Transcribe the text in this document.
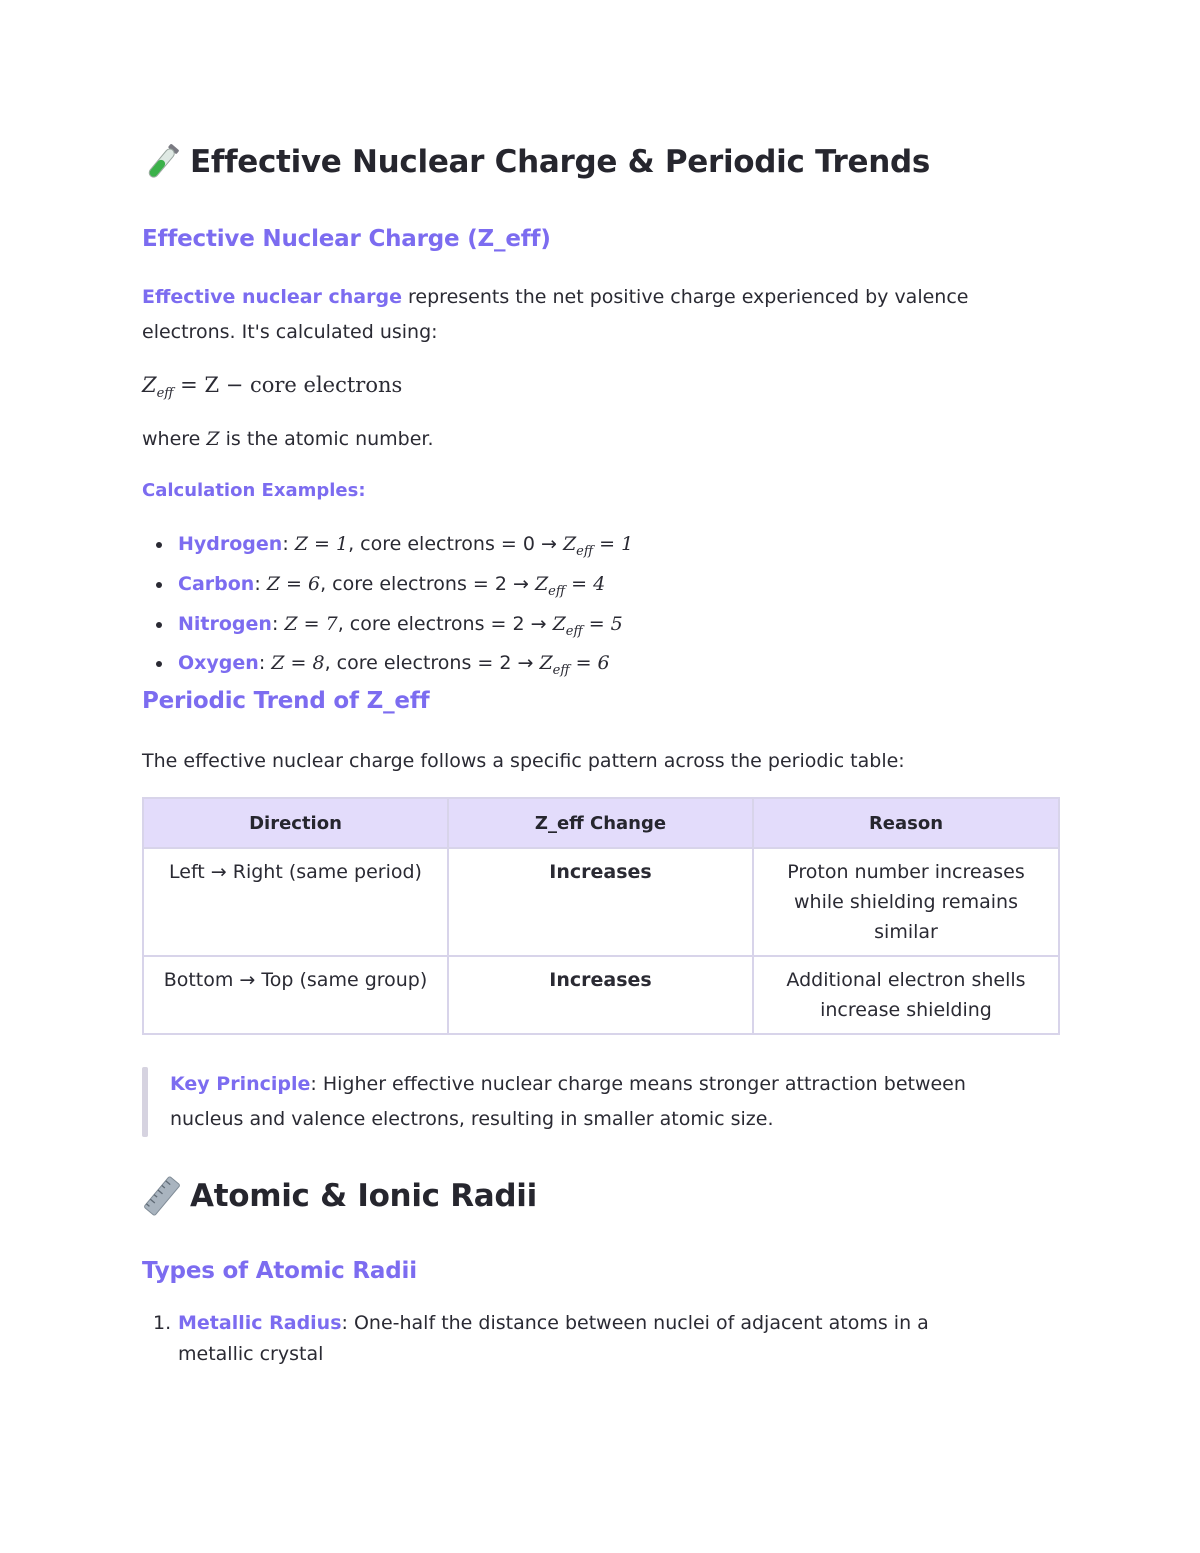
Effective Nuclear Charge & Periodic Trends
Effective Nuclear Charge (Z_eff)

Effective nuclear charge represents the net positive charge experienced by valence

electrons. It's calculated using:

$Z_{eff} = Z$ − core electrons

where Z is the atomic number.

Calculation Examples:
Hydrogen: Z = 1, core electrons = $0 \to Z_{eff} = 1$
Carbon: Z = 6, core electrons = $2 \to Z_{eff} = 4$
Nitrogen: Z = 7, core electrons = $2 \to Z_{eff} = 5$
Oxygen: Z = 8, core electrons = $2 \to Z_{eff} = 6$
Periodic Trend of Z_eff

The effective nuclear charge follows a specific pattern across the periodic table:

Direction	Z_eff Change	Reason
Left → Right (same period)	Increases	Proton number increases while shielding remains similar
Bottom → Top (same group)	Increases	Additional electron shells increase shielding

Key Principle: Higher effective nuclear charge means stronger attraction between

nucleus and valence electrons, resulting in smaller atomic size.

Atomic & Ionic Radii
Types of Atomic Radii
1. Metallic Radius: One-half the distance between nuclei of adjacent atoms in a
metallic crystal
